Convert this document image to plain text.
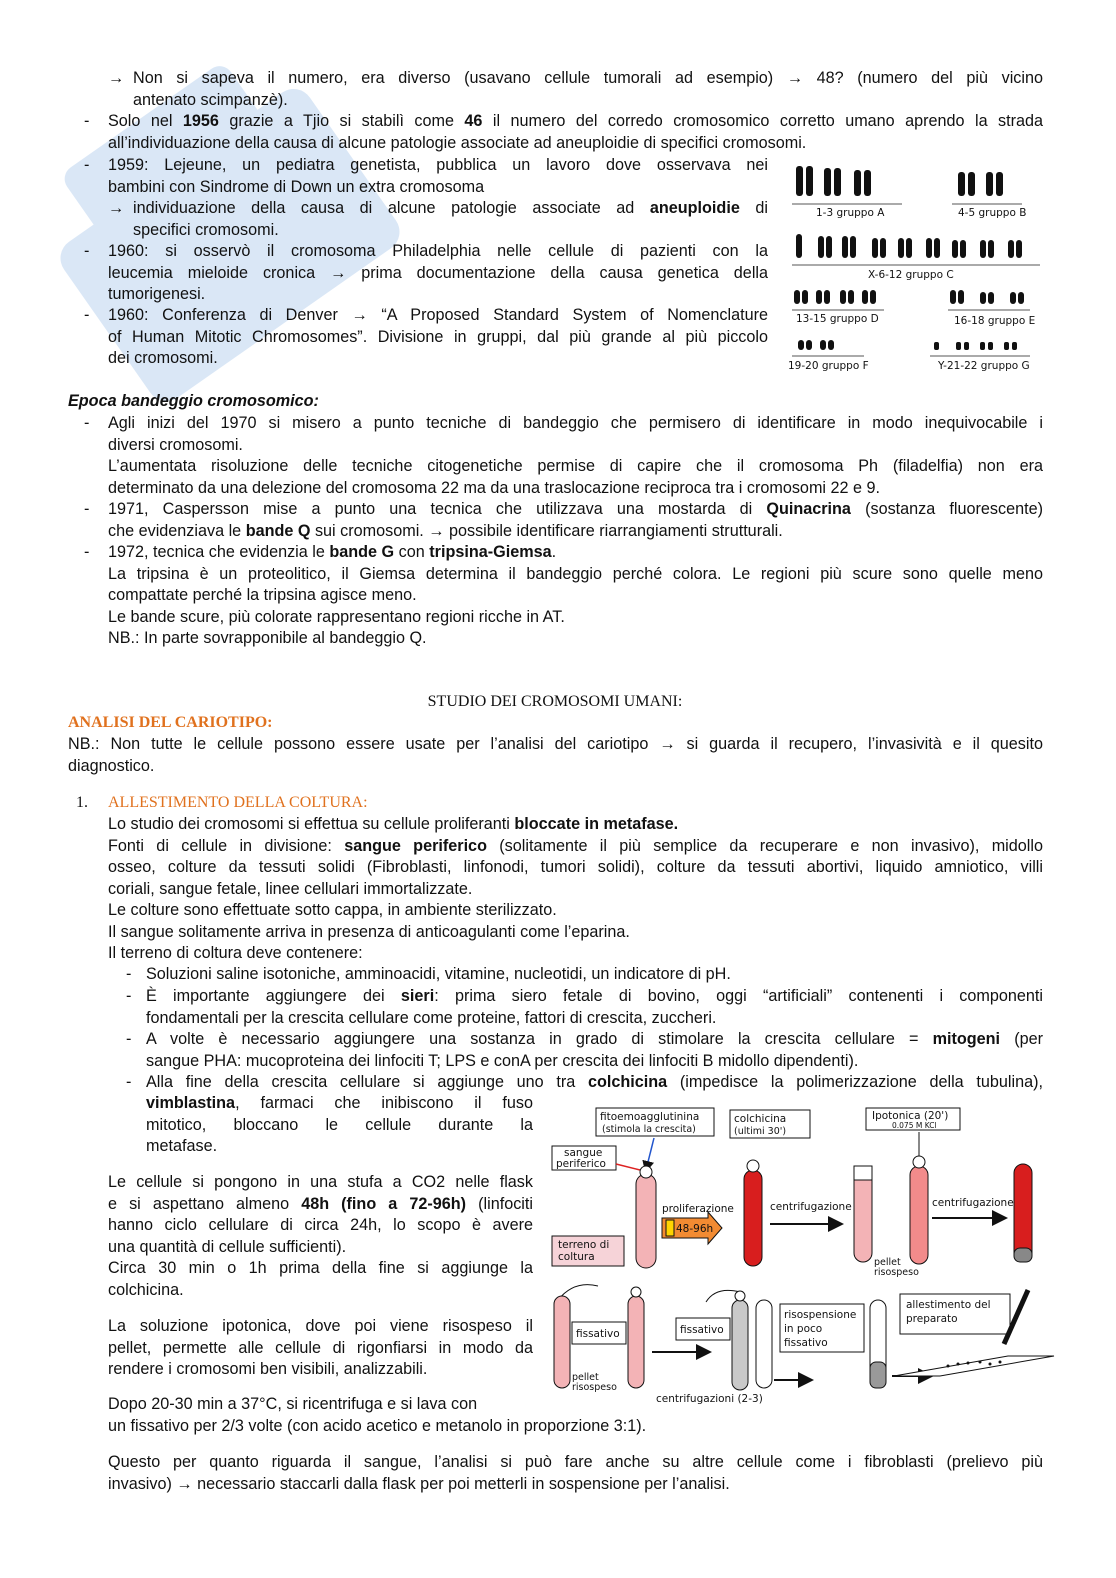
→ Non si sapeva il numero, era diverso (usavano cellule tumorali ad esempio) → 48? (numero del più vicino
antenato scimpanzè).
- Solo nel 1956 grazie a Tjio si stabilì come 46 il numero del corredo cromosomico corretto umano aprendo la strada
all’individuazione della causa di alcune patologie associate ad aneuploidie di specifici cromosomi.
- 1959: Lejeune, un pediatra genetista, pubblica un lavoro dove osservava nei
bambini con Sindrome di Down un extra cromosoma
→ individuazione della causa di alcune patologie associate ad aneuploidie di
specifici cromosomi.
- 1960: si osservò il cromosoma Philadelphia nelle cellule di pazienti con la
leucemia mieloide cronica → prima documentazione della causa genetica della
tumorigenesi.
- 1960: Conferenza di Denver → “A Proposed Standard System of Nomenclature
of Human Mitotic Chromosomes”. Divisione in gruppi, dal più grande al più piccolo
dei cromosomi.
1-3 gruppo A	4-5 gruppo B
X-6-12 gruppo C
13-15 gruppo D	16-18 gruppo E
19-20 gruppo F	Y-21-22 gruppo G
Epoca bandeggio cromosomico:
- Agli inizi del 1970 si misero a punto tecniche di bandeggio che permisero di identificare in modo inequivocabile i
diversi cromosomi.
L’aumentata risoluzione delle tecniche citogenetiche permise di capire che il cromosoma Ph (filadelfia) non era
determinato da una delezione del cromosoma 22 ma da una traslocazione reciproca tra i cromosomi 22 e 9.
- 1971, Caspersson mise a punto una tecnica che utilizzava una mostarda di Quinacrina (sostanza fluorescente)
che evidenziava le bande Q sui cromosomi. → possibile identificare riarrangiamenti strutturali.
- 1972, tecnica che evidenzia le bande G con tripsina-Giemsa.
La tripsina è un proteolitico, il Giemsa determina il bandeggio perché colora. Le regioni più scure sono quelle meno
compattate perché la tripsina agisce meno.
Le bande scure, più colorate rappresentano regioni ricche in AT.
NB.: In parte sovrapponibile al bandeggio Q.
STUDIO DEI CROMOSOMI UMANI:
ANALISI DEL CARIOTIPO:
NB.: Non tutte le cellule possono essere usate per l’analisi del cariotipo → si guarda il recupero, l’invasività e il quesito
diagnostico.
1. ALLESTIMENTO DELLA COLTURA:
Lo studio dei cromosomi si effettua su cellule proliferanti bloccate in metafase.
Fonti di cellule in divisione: sangue periferico (solitamente il più semplice da recuperare e non invasivo), midollo
osseo, colture da tessuti solidi (Fibroblasti, linfonodi, tumori solidi), colture da tessuti abortivi, liquido amniotico, villi
coriali, sangue fetale, linee cellulari immortalizzate.
Le colture sono effettuate sotto cappa, in ambiente sterilizzato.
Il sangue solitamente arriva in presenza di anticoagulanti come l’eparina.
Il terreno di coltura deve contenere:
- Soluzioni saline isotoniche, amminoacidi, vitamine, nucleotidi, un indicatore di pH.
- È importante aggiungere dei sieri: prima siero fetale di bovino, oggi “artificiali” contenenti i componenti
fondamentali per la crescita cellulare come proteine, fattori di crescita, zuccheri.
- A volte è necessario aggiungere una sostanza in grado di stimolare la crescita cellulare = mitogeni (per
sangue PHA: mucoproteina dei linfociti T; LPS e conA per crescita dei linfociti B midollo dipendenti).
- Alla fine della crescita cellulare si aggiunge uno tra colchicina (impedisce la polimerizzazione della tubulina),
vimblastina, farmaci che inibiscono il fuso
mitotico, bloccano le cellule durante la
metafase.
Le cellule si pongono in una stufa a CO2 nelle flask
e si aspettano almeno 48h (fino a 72-96h) (linfociti
hanno ciclo cellulare di circa 24h, lo scopo è avere
una quantità di cellule sufficienti).
Circa 30 min o 1h prima della fine si aggiunge la
colchicina.
La soluzione ipotonica, dove poi viene risospeso il
pellet, permette alle cellule di rigonfiarsi in modo da
rendere i cromosomi ben visibili, analizzabili.
Dopo 20-30 min a 37°C, si ricentrifuga e si lava con
un fissativo per 2/3 volte (con acido acetico e metanolo in proporzione 3:1).
Questo per quanto riguarda il sangue, l’analisi si può fare anche su altre cellule come i fibroblasti (prelievo più
invasivo) → necessario staccarli dalla flask per poi metterli in sospensione per l’analisi.
fitoemoagglutinina
(stimola la crescita)
colchicina
(ultimi 30')
Ipotonica (20')
0.075 M KCl
sangue
periferico
terreno di
coltura
proliferazione
48-96h
centrifugazione
pellet
risospeso
centrifugazione
fissativo
pellet
risospeso
fissativo
centrifugazioni (2-3)
risospensione
in poco
fissativo
allestimento del
preparato
